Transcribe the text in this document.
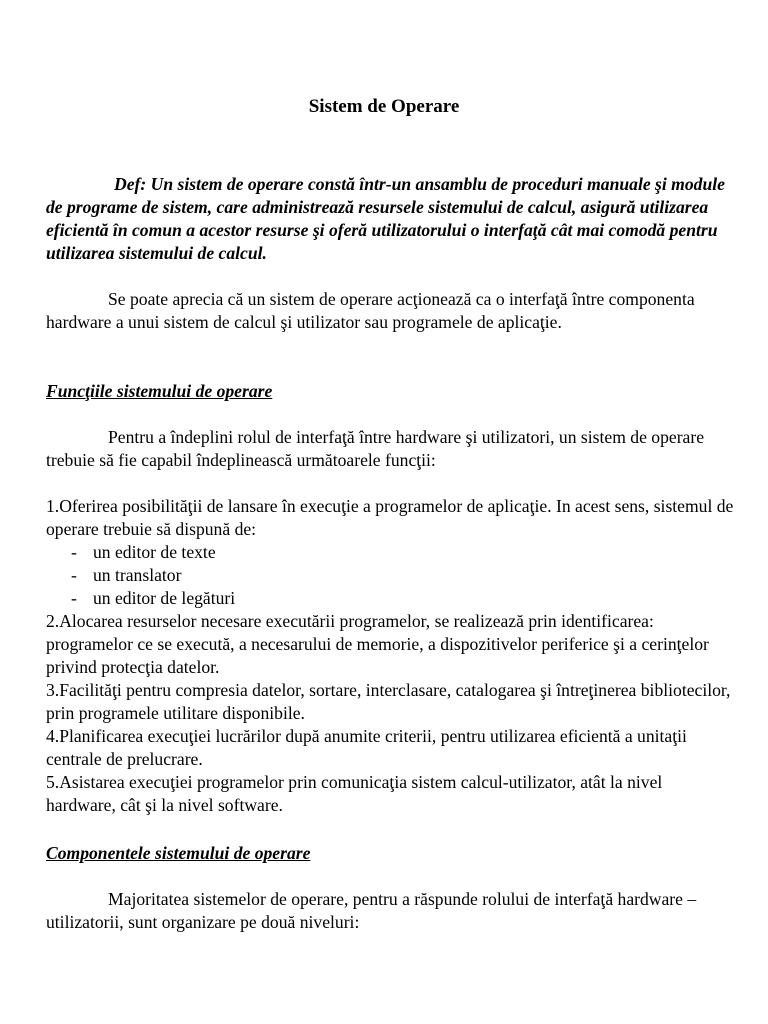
Sistem de Operare

Def: Un sistem de operare constă într-un ansamblu de proceduri manuale şi module de programe de sistem, care administrează resursele sistemului de calcul, asigură utilizarea eficientă în comun a acestor resurse şi oferă utilizatorului o interfaţă cât mai comodă pentru utilizarea sistemului de calcul.

Se poate aprecia că un sistem de operare acţionează ca o interfaţă între componenta hardware a unui sistem de calcul şi utilizator sau programele de aplicaţie.

Funcţiile sistemului de operare

Pentru a îndeplini rolul de interfaţă între hardware şi utilizatori, un sistem de operare trebuie să fie capabil îndeplinească următoarele funcţii:

1.Oferirea posibilităţii de lansare în execuţie a programelor de aplicaţie. In acest sens, sistemul de operare trebuie să dispună de:

- un editor de texte
- un translator
- un editor de legături

2.Alocarea resurselor necesare executării programelor, se realizează prin identificarea: programelor ce se execută, a necesarului de memorie, a dispozitivelor periferice şi a cerinţelor privind protecţia datelor.

3.Facilităţi pentru compresia datelor, sortare, interclasare, catalogarea şi întreţinerea bibliotecilor, prin programele utilitare disponibile.

4.Planificarea execuţiei lucrărilor după anumite criterii, pentru utilizarea eficientă a unitaţii centrale de prelucrare.

5.Asistarea execuţiei programelor prin comunicaţia sistem calcul-utilizator, atât la nivel hardware, cât şi la nivel software.

Componentele sistemului de operare

Majoritatea sistemelor de operare, pentru a răspunde rolului de interfaţă hardware – utilizatorii, sunt organizare pe două niveluri:
